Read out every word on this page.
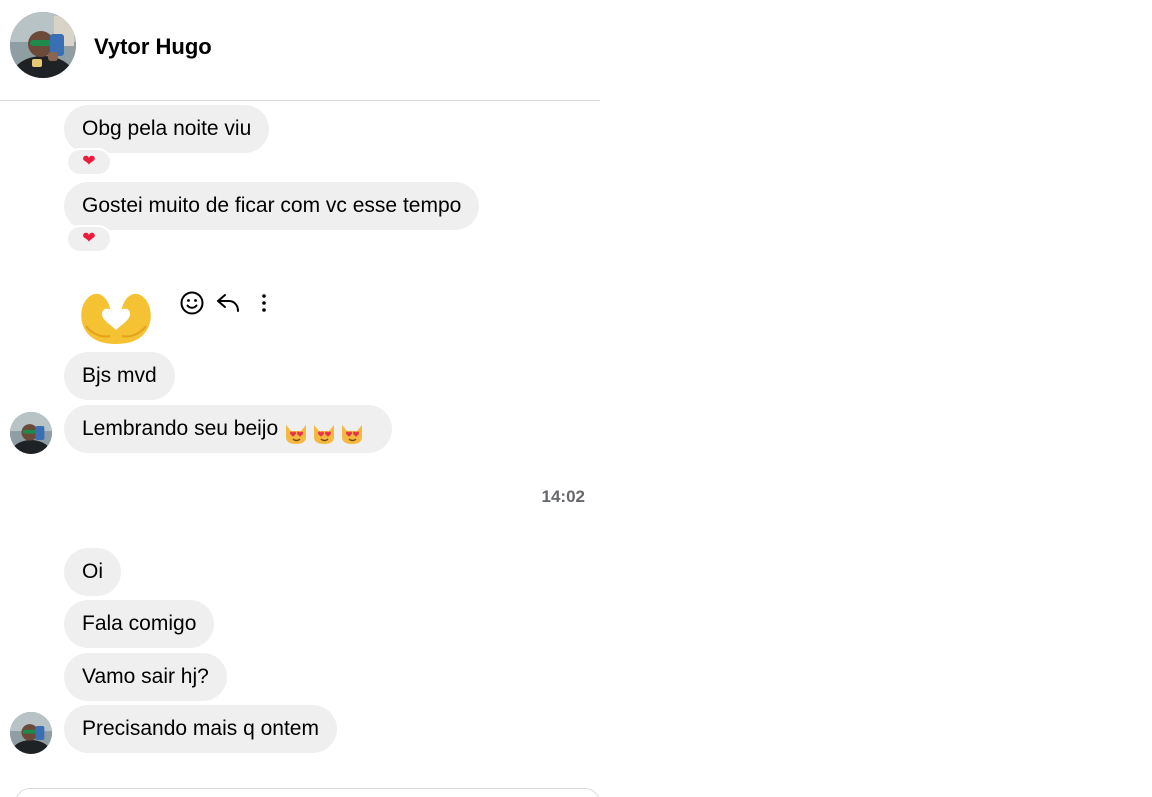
Vytor Hugo
Obg pela noite viu
❤
Gostei muito de ficar com vc esse tempo
❤
Bjs mvd
Lembrando seu beijo
14:02
Oi
Fala comigo
Vamo sair hj?
Precisando mais q ontem
